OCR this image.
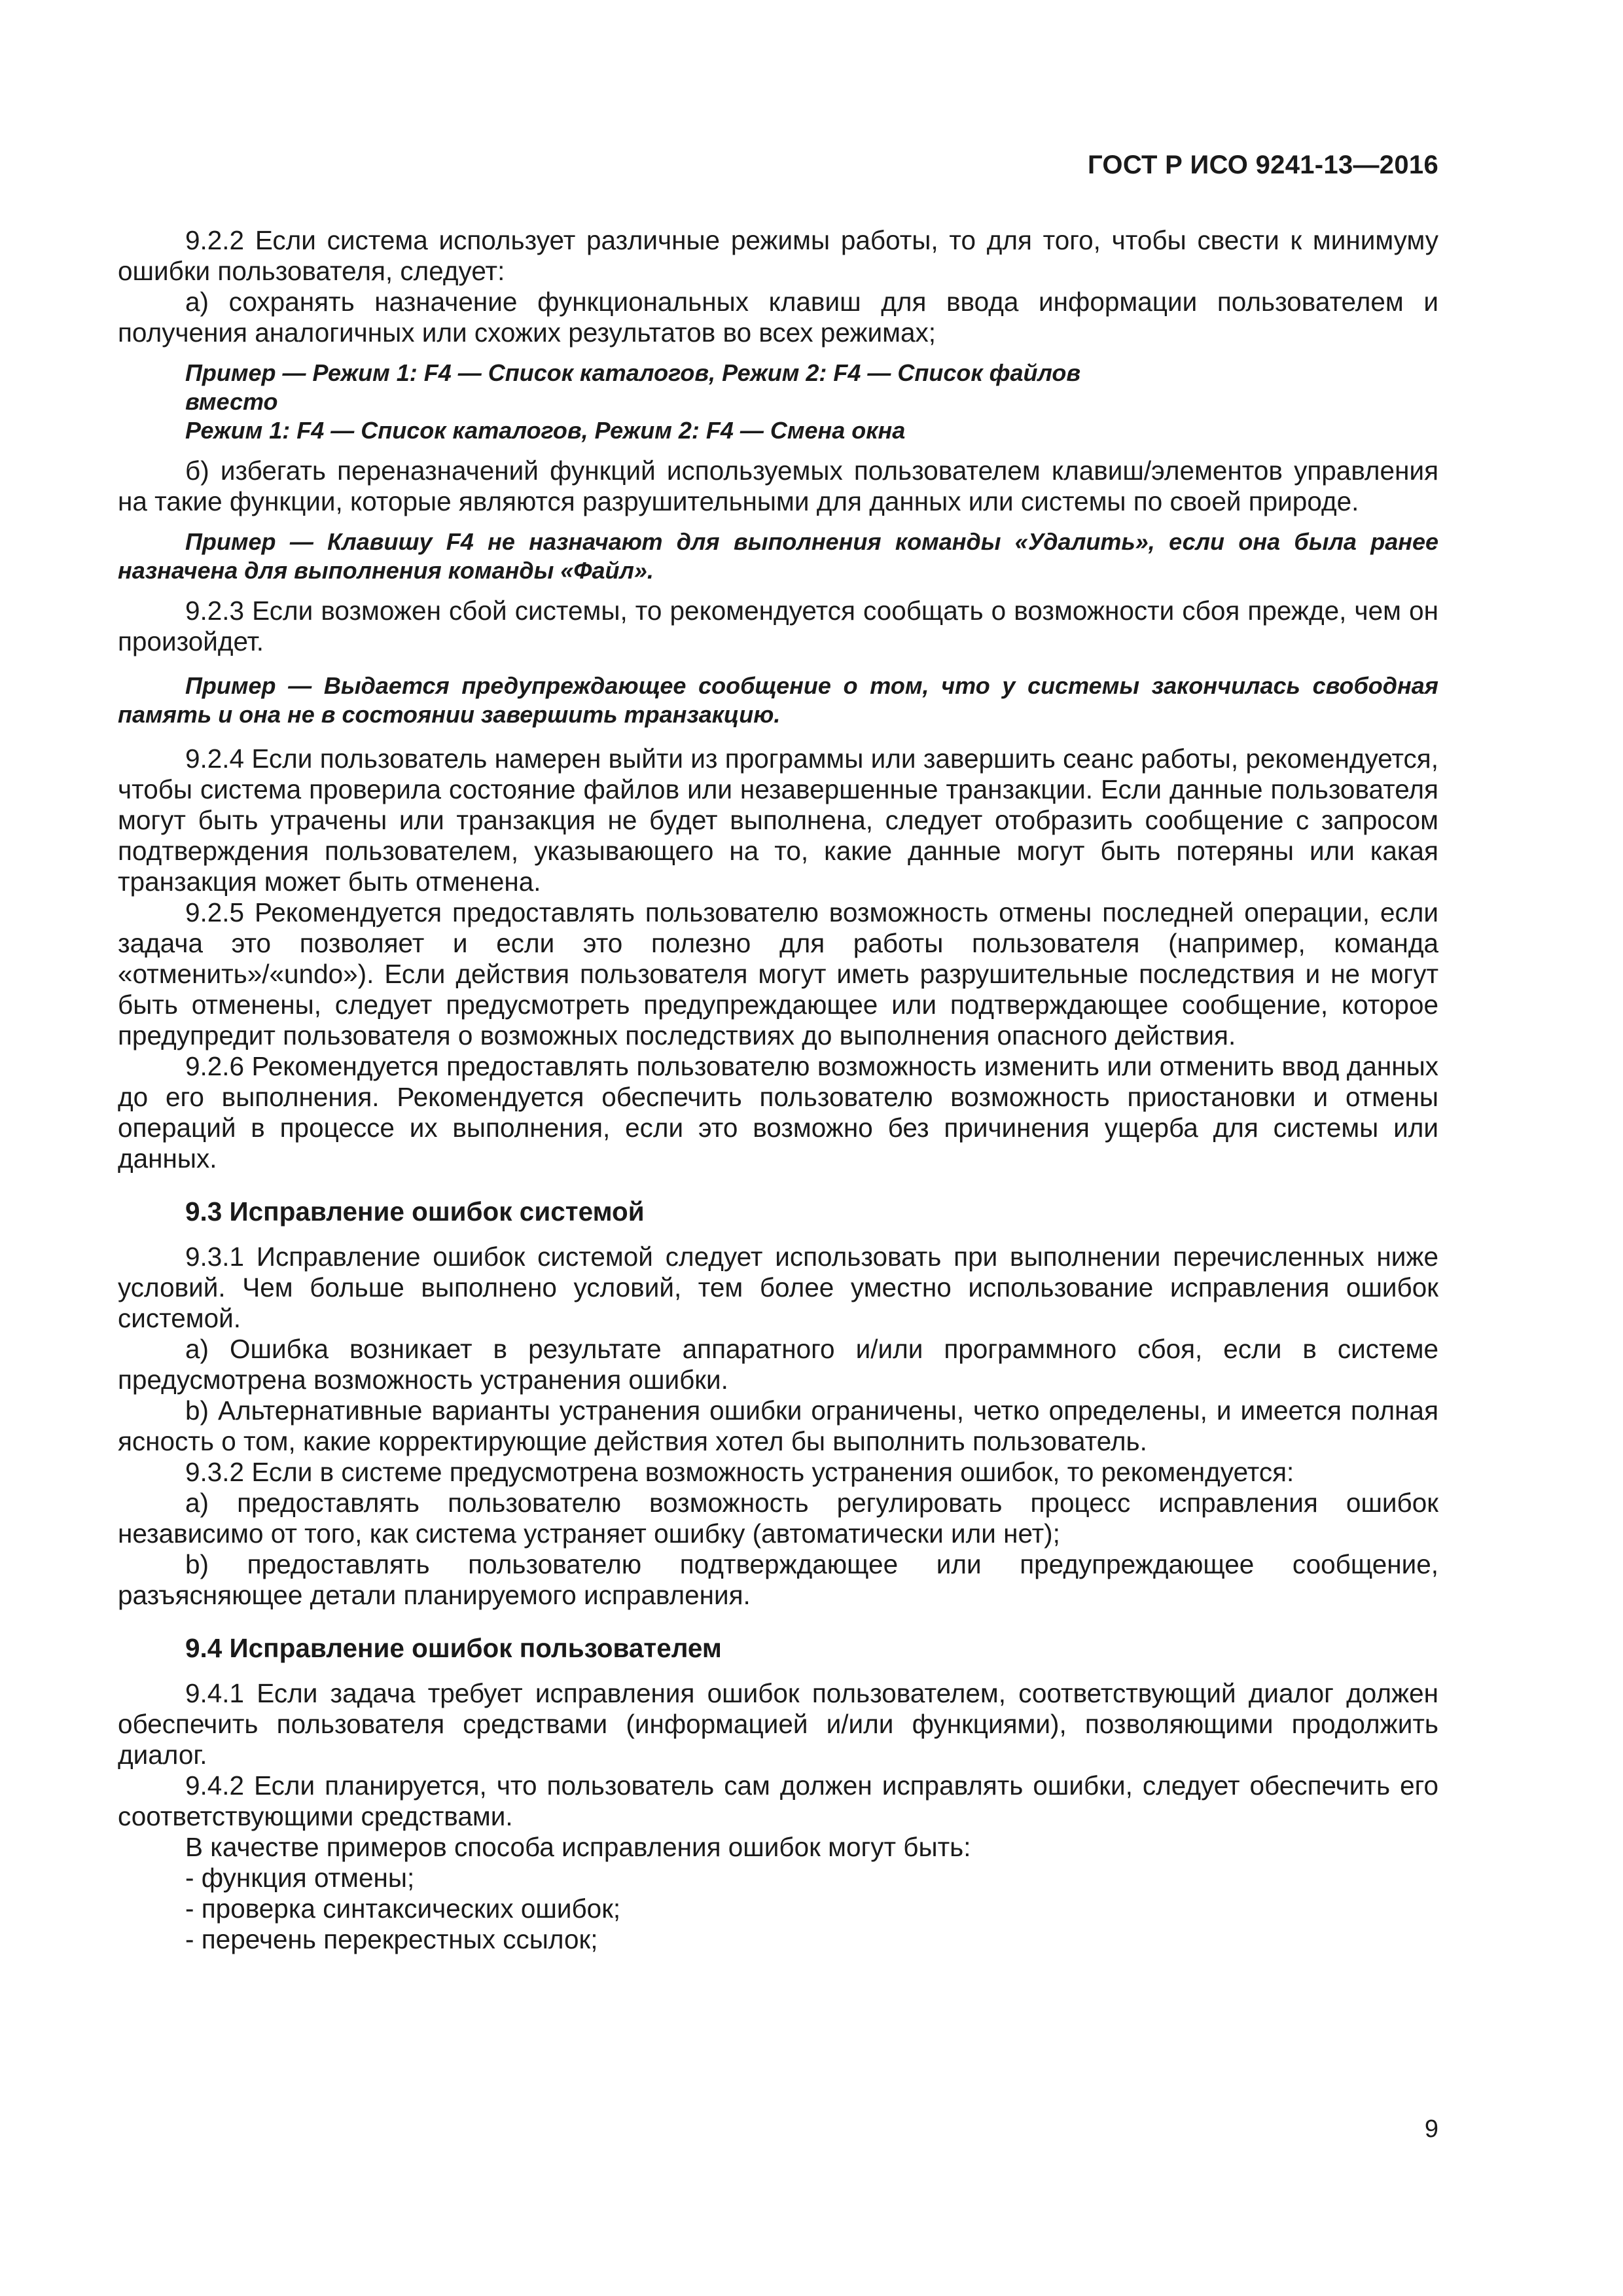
ГОСТ Р ИСО 9241-13—2016

9.2.2 Если система использует различные режимы работы, то для того, чтобы свести к минимуму ошибки пользователя, следует:

а) сохранять назначение функциональных клавиш для ввода информации пользователем и получения аналогичных или схожих результатов во всех режимах;

Пример — Режим 1: F4 — Список каталогов, Режим 2: F4 — Список файлов

вместо

Режим 1: F4 — Список каталогов, Режим 2: F4 — Смена окна

б) избегать переназначений функций используемых пользователем клавиш/элементов управления на такие функции, которые являются разрушительными для данных или системы по своей природе.

Пример — Клавишу F4 не назначают для выполнения команды «Удалить», если она была ранее назначена для выполнения команды «Файл».

9.2.3 Если возможен сбой системы, то рекомендуется сообщать о возможности сбоя прежде, чем он произойдет.

Пример — Выдается предупреждающее сообщение о том, что у системы закончилась свободная память и она не в состоянии завершить транзакцию.

9.2.4 Если пользователь намерен выйти из программы или завершить сеанс работы, рекомендуется, чтобы система проверила состояние файлов или незавершенные транзакции. Если данные пользователя могут быть утрачены или транзакция не будет выполнена, следует отобразить сообщение с запросом подтверждения пользователем, указывающего на то, какие данные могут быть потеряны или какая транзакция может быть отменена.

9.2.5 Рекомендуется предоставлять пользователю возможность отмены последней операции, если задача это позволяет и если это полезно для работы пользователя (например, команда «отменить»/«undo»). Если действия пользователя могут иметь разрушительные последствия и не могут быть отменены, следует предусмотреть предупреждающее или подтверждающее сообщение, которое предупредит пользователя о возможных последствиях до выполнения опасного действия.

9.2.6 Рекомендуется предоставлять пользователю возможность изменить или отменить ввод данных до его выполнения. Рекомендуется обеспечить пользователю возможность приостановки и отмены операций в процессе их выполнения, если это возможно без причинения ущерба для системы или данных.

9.3 Исправление ошибок системой

9.3.1 Исправление ошибок системой следует использовать при выполнении перечисленных ниже условий. Чем больше выполнено условий, тем более уместно использование исправления ошибок системой.

а) Ошибка возникает в результате аппаратного и/или программного сбоя, если в системе предусмотрена возможность устранения ошибки.

b) Альтернативные варианты устранения ошибки ограничены, четко определены, и имеется полная ясность о том, какие корректирующие действия хотел бы выполнить пользователь.

9.3.2 Если в системе предусмотрена возможность устранения ошибок, то рекомендуется:

а) предоставлять пользователю возможность регулировать процесс исправления ошибок независимо от того, как система устраняет ошибку (автоматически или нет);

b) предоставлять пользователю подтверждающее или предупреждающее сообщение, разъясняющее детали планируемого исправления.

9.4 Исправление ошибок пользователем

9.4.1 Если задача требует исправления ошибок пользователем, соответствующий диалог должен обеспечить пользователя средствами (информацией и/или функциями), позволяющими продолжить диалог.

9.4.2 Если планируется, что пользователь сам должен исправлять ошибки, следует обеспечить его соответствующими средствами.

В качестве примеров способа исправления ошибок могут быть:

- функция отмены;

- проверка синтаксических ошибок;

- перечень перекрестных ссылок;

9
